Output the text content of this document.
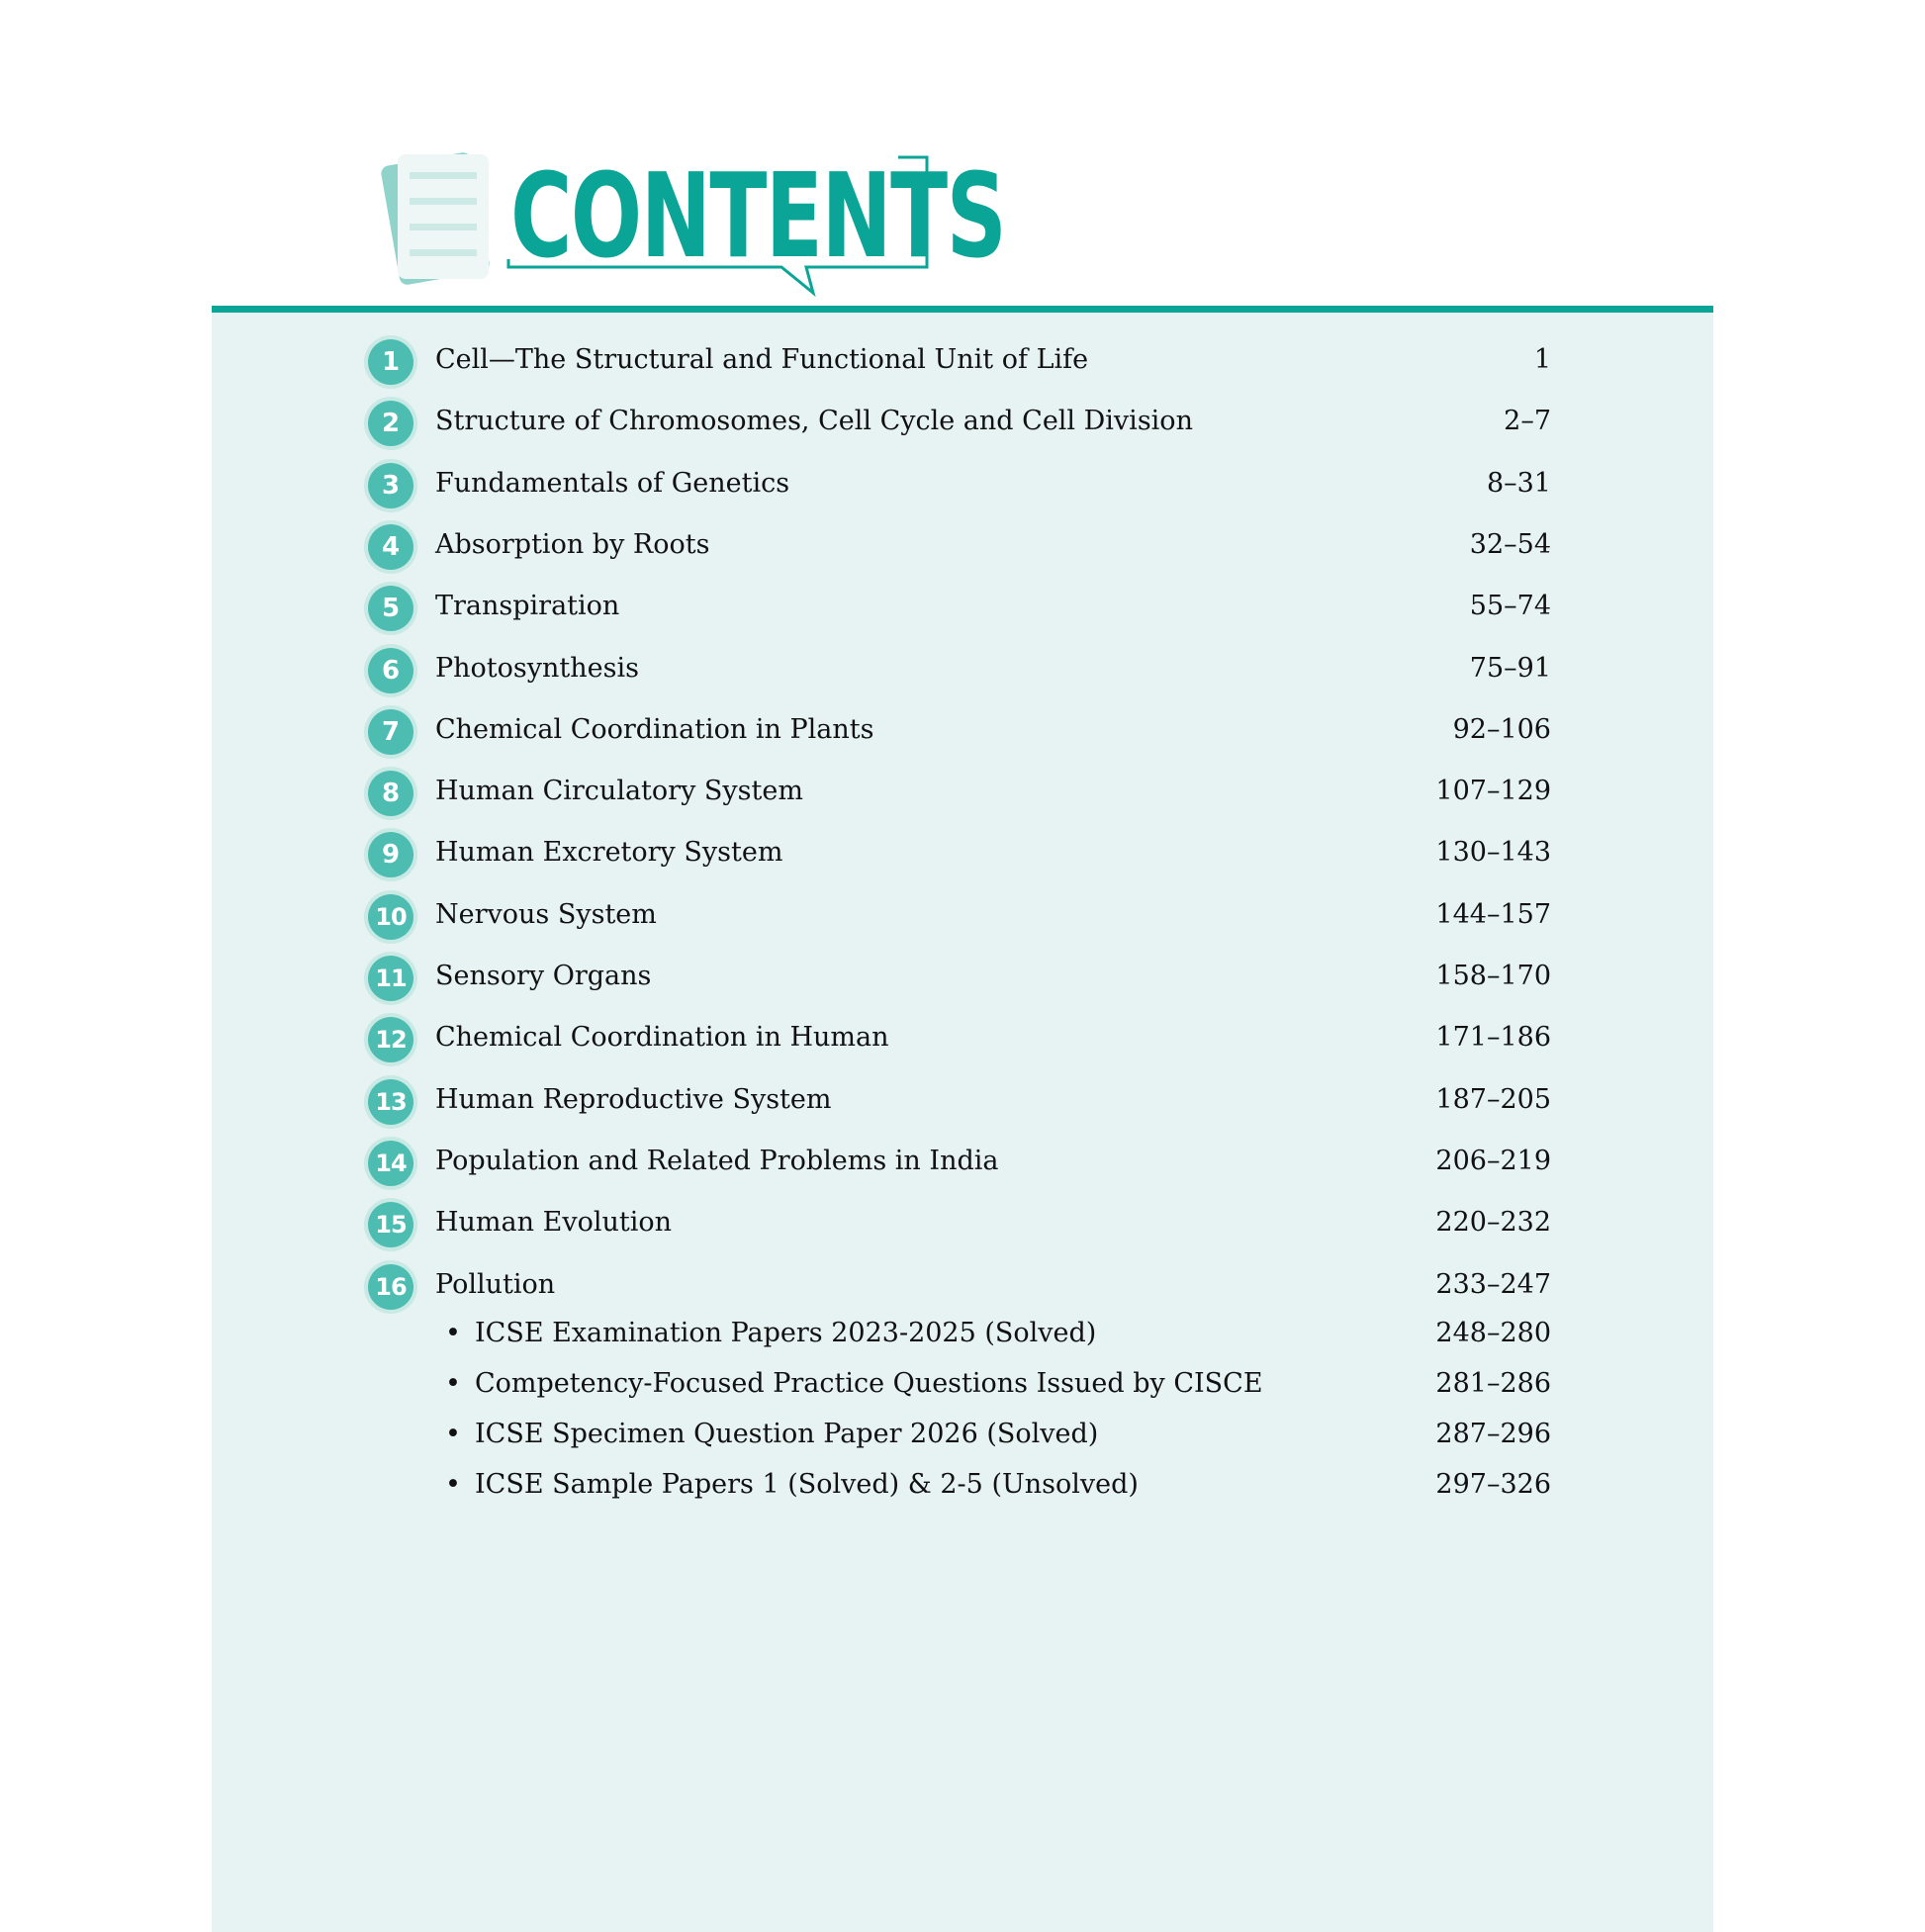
CONTENTS
1	Cell—The Structural and Functional Unit of Life	1
2	Structure of Chromosomes, Cell Cycle and Cell Division	2–7
3	Fundamentals of Genetics	8–31
4	Absorption by Roots	32–54
5	Transpiration	55–74
6	Photosynthesis	75–91
7	Chemical Coordination in Plants	92–106
8	Human Circulatory System	107–129
9	Human Excretory System	130–143
10 Nervous System	144–157
11 Sensory Organs	158–170
12 Chemical Coordination in Human	171–186
13 Human Reproductive System	187–205
14 Population and Related Problems in India	206–219
15 Human Evolution	220–232
16 Pollution	233–247
• ICSE Examination Papers 2023-2025 (Solved)	248–280
• Competency-Focused Practice Questions Issued by CISCE	281–286
• ICSE Specimen Question Paper 2026 (Solved)	287–296
• ICSE Sample Papers 1 (Solved) & 2-5 (Unsolved)	297–326
